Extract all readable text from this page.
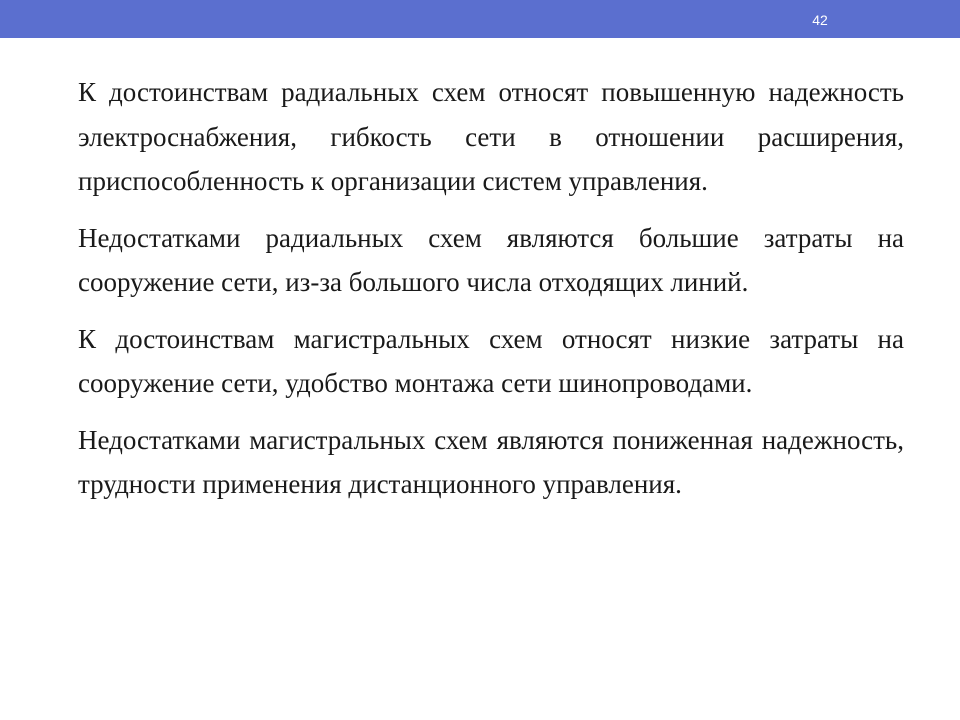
42

К достоинствам радиальных схем относят повышенную надежность электроснабжения, гибкость сети в отношении расширения, приспособленность к организации систем управления.

Недостатками радиальных схем являются большие затраты на сооружение сети, из-за большого числа отходящих линий.

К достоинствам магистральных схем относят низкие затраты на сооружение сети, удобство монтажа сети шинопроводами.

Недостатками магистральных схем являются пониженная надежность, трудности применения дистанционного управления.
